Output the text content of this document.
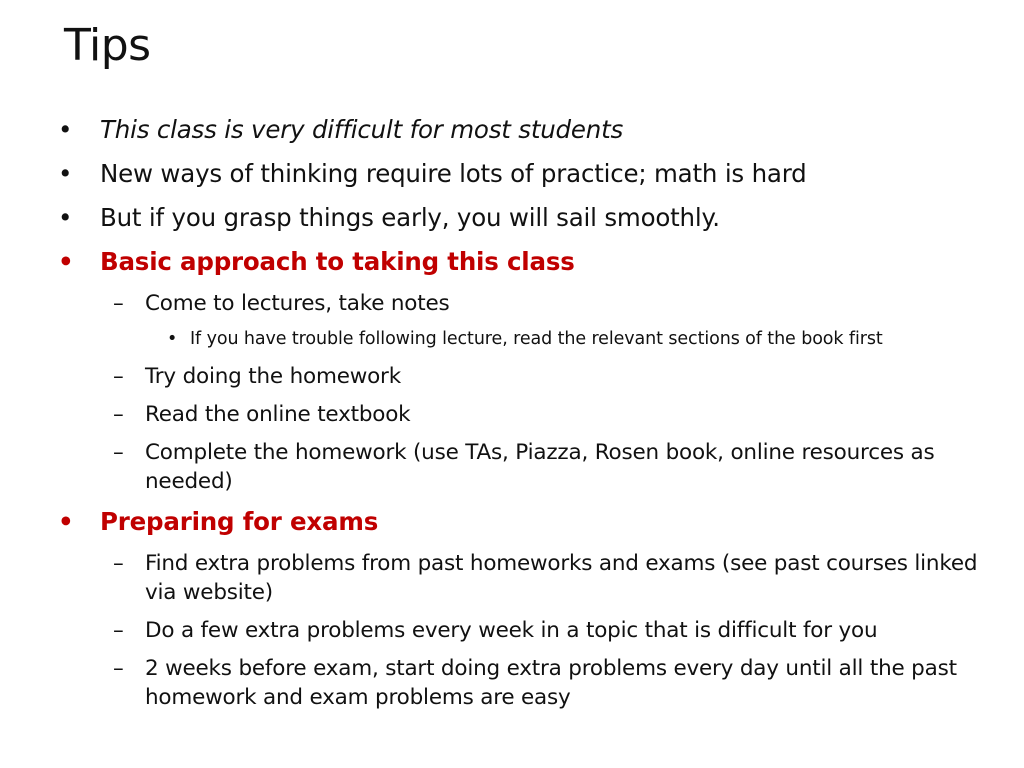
Tips
• This class is very difficult for most students
• New ways of thinking require lots of practice; math is hard
• But if you grasp things early, you will sail smoothly.
• Basic approach to taking this class
– Come to lectures, take notes
• If you have trouble following lecture, read the relevant sections of the book first
– Try doing the homework
– Read the online textbook
– Complete the homework (use TAs, Piazza, Rosen book, online resources as needed)
• Preparing for exams
– Find extra problems from past homeworks and exams (see past courses linked via website)
– Do a few extra problems every week in a topic that is difficult for you
– 2 weeks before exam, start doing extra problems every day until all the past homework and exam problems are easy
